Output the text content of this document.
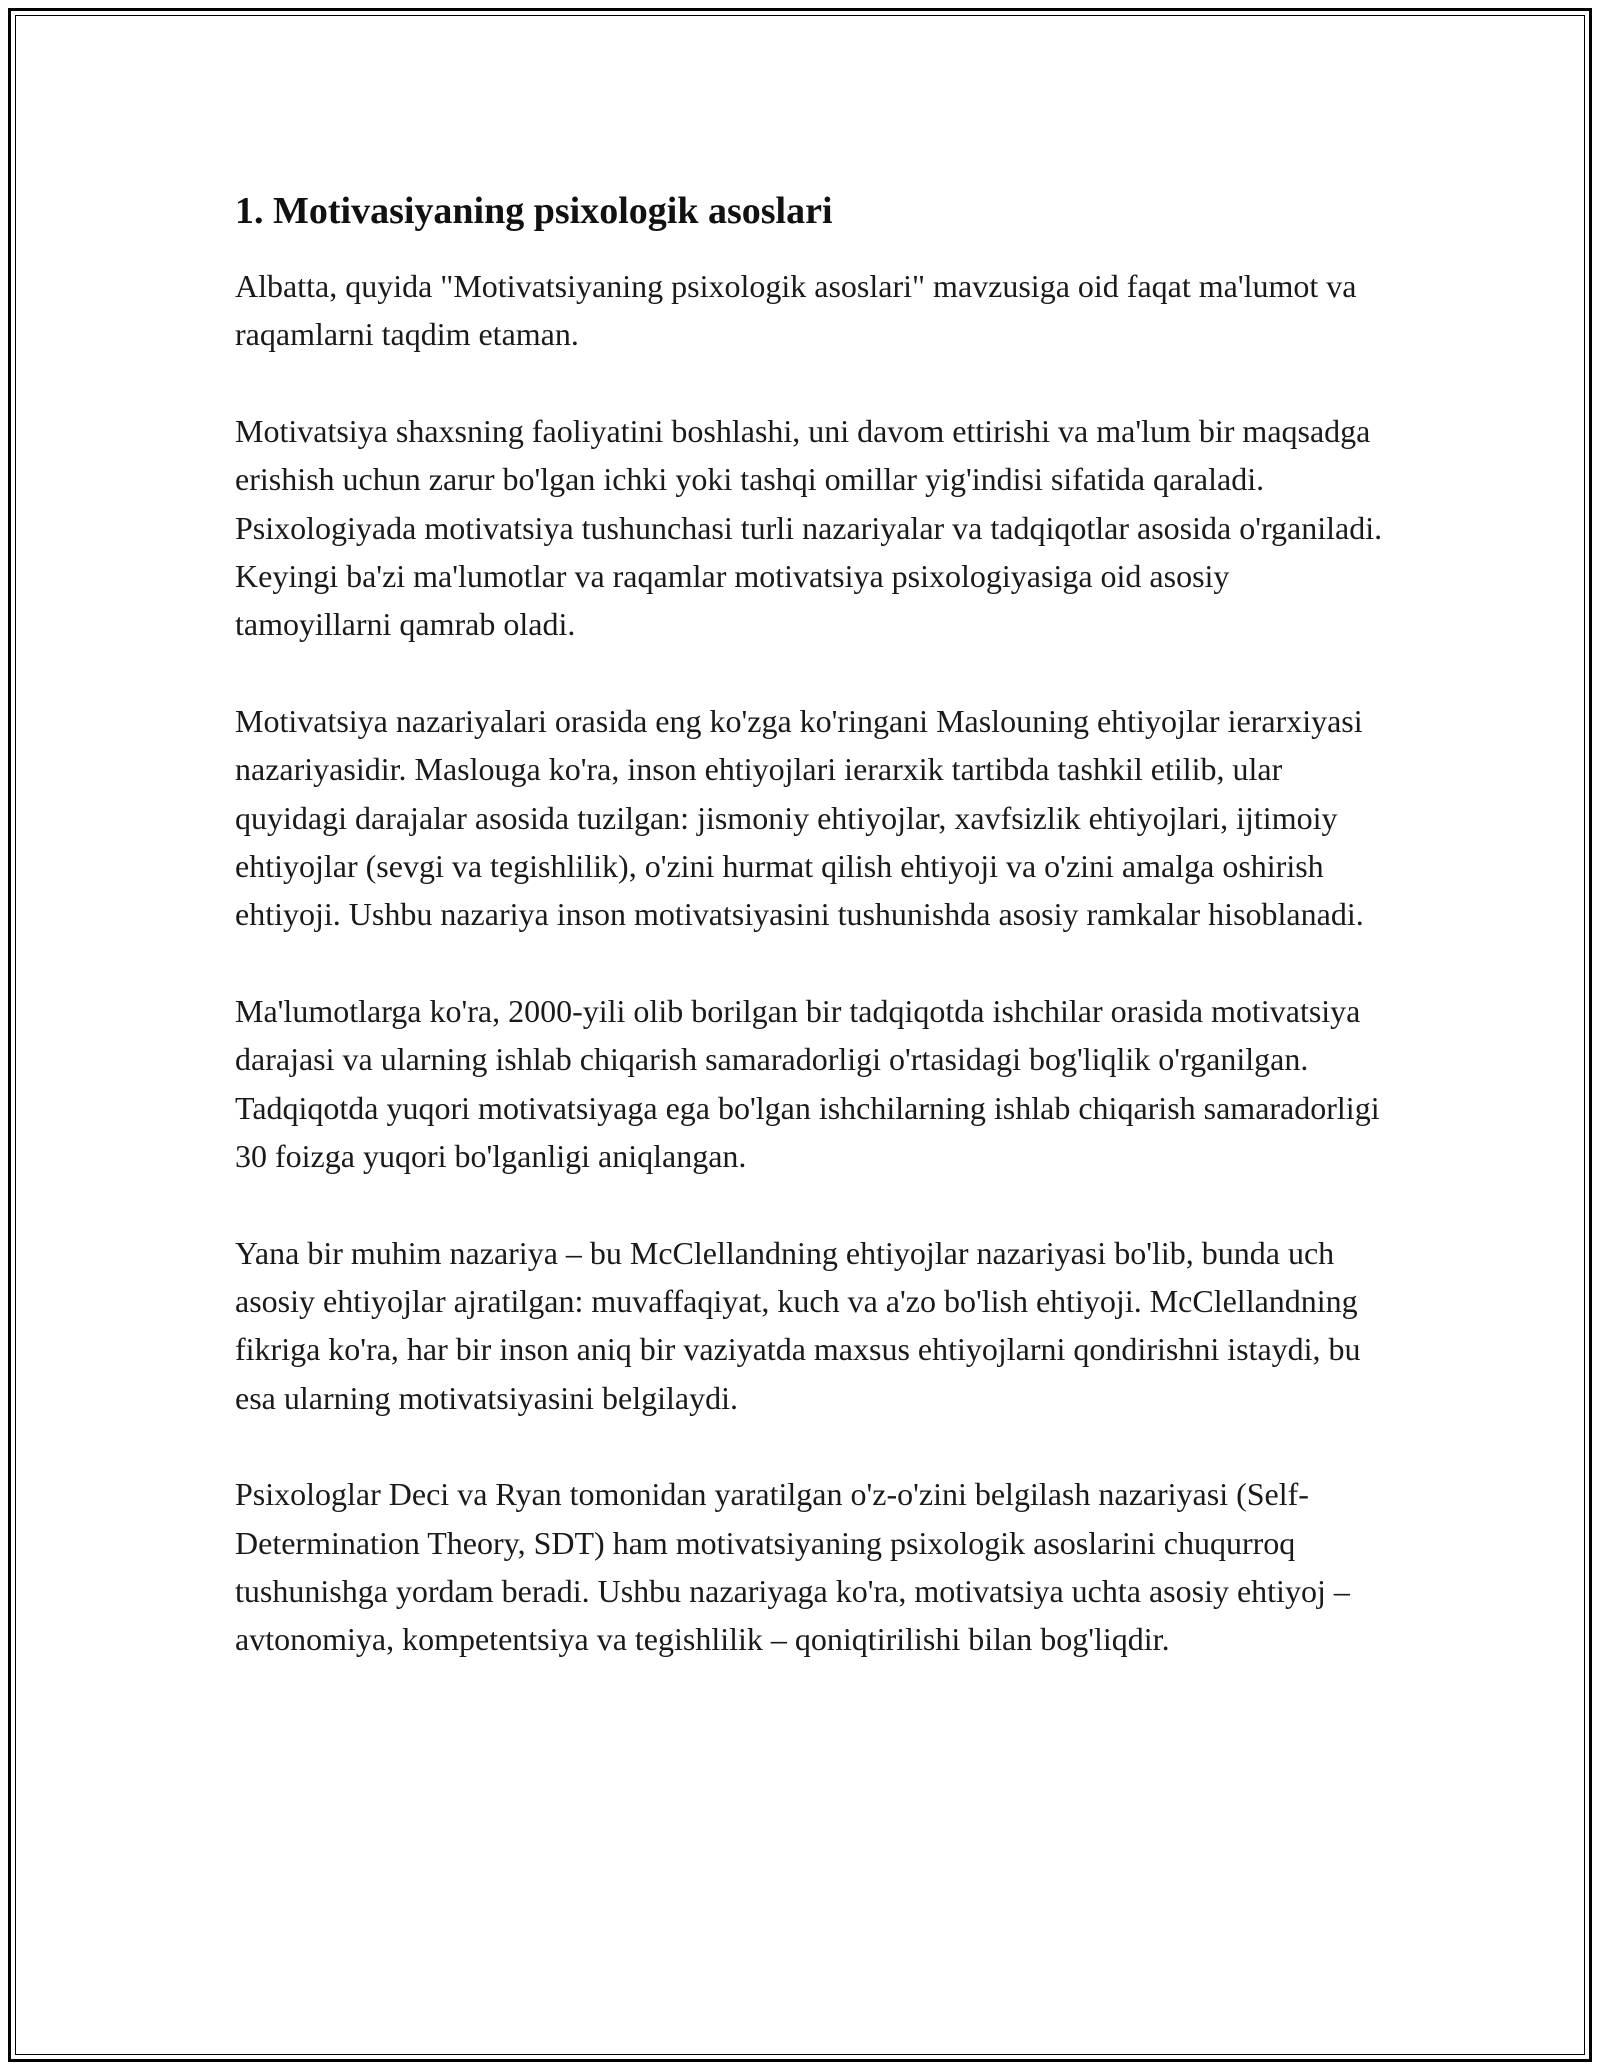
1. Motivasiyaning psixologik asoslari

Albatta, quyida "Motivatsiyaning psixologik asoslari" mavzusiga oid faqat ma'lumot va raqamlarni taqdim etaman.

Motivatsiya shaxsning faoliyatini boshlashi, uni davom ettirishi va ma'lum bir maqsadga erishish uchun zarur bo'lgan ichki yoki tashqi omillar yig'indisi sifatida qaraladi. Psixologiyada motivatsiya tushunchasi turli nazariyalar va tadqiqotlar asosida o'rganiladi. Keyingi ba'zi ma'lumotlar va raqamlar motivatsiya psixologiyasiga oid asosiy tamoyillarni qamrab oladi.

Motivatsiya nazariyalari orasida eng ko'zga ko'ringani Maslouning ehtiyojlar ierarxiyasi nazariyasidir. Maslouga ko'ra, inson ehtiyojlari ierarxik tartibda tashkil etilib, ular quyidagi darajalar asosida tuzilgan: jismoniy ehtiyojlar, xavfsizlik ehtiyojlari, ijtimoiy ehtiyojlar (sevgi va tegishlilik), o'zini hurmat qilish ehtiyoji va o'zini amalga oshirish ehtiyoji. Ushbu nazariya inson motivatsiyasini tushunishda asosiy ramkalar hisoblanadi.

Ma'lumotlarga ko'ra, 2000-yili olib borilgan bir tadqiqotda ishchilar orasida motivatsiya darajasi va ularning ishlab chiqarish samaradorligi o'rtasidagi bog'liqlik o'rganilgan. Tadqiqotda yuqori motivatsiyaga ega bo'lgan ishchilarning ishlab chiqarish samaradorligi 30 foizga yuqori bo'lganligi aniqlangan.

Yana bir muhim nazariya – bu McClellandning ehtiyojlar nazariyasi bo'lib, bunda uch asosiy ehtiyojlar ajratilgan: muvaffaqiyat, kuch va a'zo bo'lish ehtiyoji. McClellandning fikriga ko'ra, har bir inson aniq bir vaziyatda maxsus ehtiyojlarni qondirishni istaydi, bu esa ularning motivatsiyasini belgilaydi.

Psixologlar Deci va Ryan tomonidan yaratilgan o'z-o'zini belgilash nazariyasi (Self-Determination Theory, SDT) ham motivatsiyaning psixologik asoslarini chuqurroq tushunishga yordam beradi. Ushbu nazariyaga ko'ra, motivatsiya uchta asosiy ehtiyoj – avtonomiya, kompetentsiya va tegishlilik – qoniqtirilishi bilan bog'liqdir.
